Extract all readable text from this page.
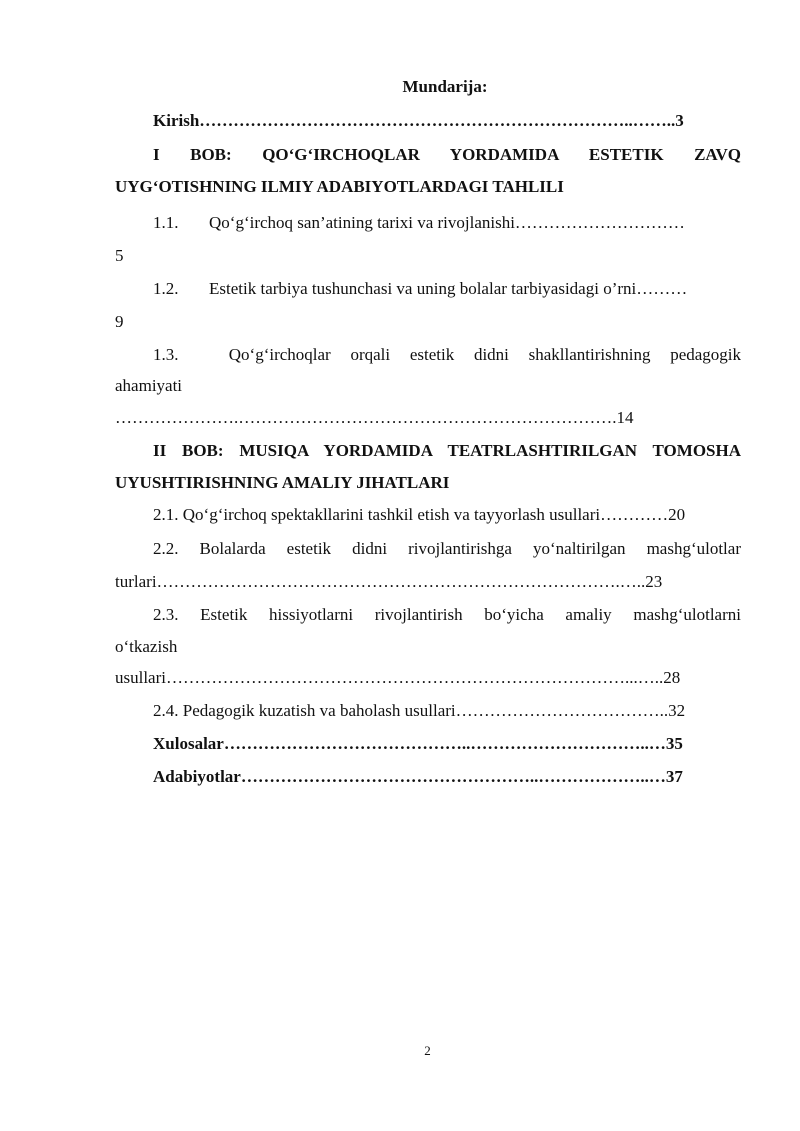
Mundarija:
Kirish…………………………………………………………………..……..3
I BOB: QO‘G‘IRCHOQLAR YORDAMIDA ESTETIK ZAVQ
UYG‘OTISHNING ILMIY ADABIYOTLARDAGI TAHLILI
1.1. Qo‘g‘irchoq san’atining tarixi va rivojlanishi…………………………
5
1.2. Estetik tarbiya tushunchasi va uning bolalar tarbiyasidagi o’rni………
9
1.3.	Qo‘g‘irchoqlar orqali estetik didni shakllantirishning pedagogik
ahamiyati
………………….………………………………………………………….14
II BOB: MUSIQA YORDAMIDA TEATRLASHTIRILGAN TOMOSHA
UYUSHTIRISHNING AMALIY JIHATLARI
2.1. Qo‘g‘irchoq spektakllarini tashkil etish va tayyorlash usullari…………20
2.2. Bolalarda estetik didni rivojlantirishga yo‘naltirilgan mashg‘ulotlar
turlari……………………………………………………………………….…..23
2.3. Estetik hissiyotlarni rivojlantirish bo‘yicha amaliy mashg‘ulotlarni
o‘tkazish
usullari………………………………………………………………………...…..28
2.4. Pedagogik kuzatish va baholash usullari………………………………..32
Xulosalar……………………………………..…………………………..…35
Adabiyotlar……………………………………………..………………..…37
2
